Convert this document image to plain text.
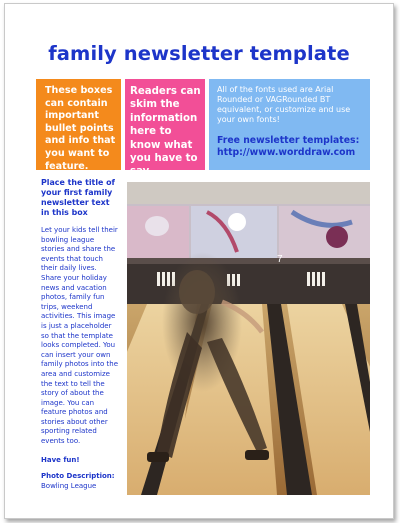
family newsletter template
These boxes can contain important bullet points and info that you want to feature.
Readers can skim the information here to know what you have to say.
All of the fonts used are Arial Rounded or VAGRounded BT equivalent, or customize and use your own fonts!
Free newsletter templates: http://www.worddraw.com
Place the title of your first family newsletter text in this box
Let your kids tell their bowling league stories and share the events that touch their daily lives. Share your holiday news and vacation photos, family fun trips, weekend activities. This image is just a placeholder so that the template looks completed. You can insert your own family photos into the area and customize the text to tell the story of about the image. You can feature photos and stories about other sporting related events too.
Have fun!
Photo Description:
Bowling League
7
